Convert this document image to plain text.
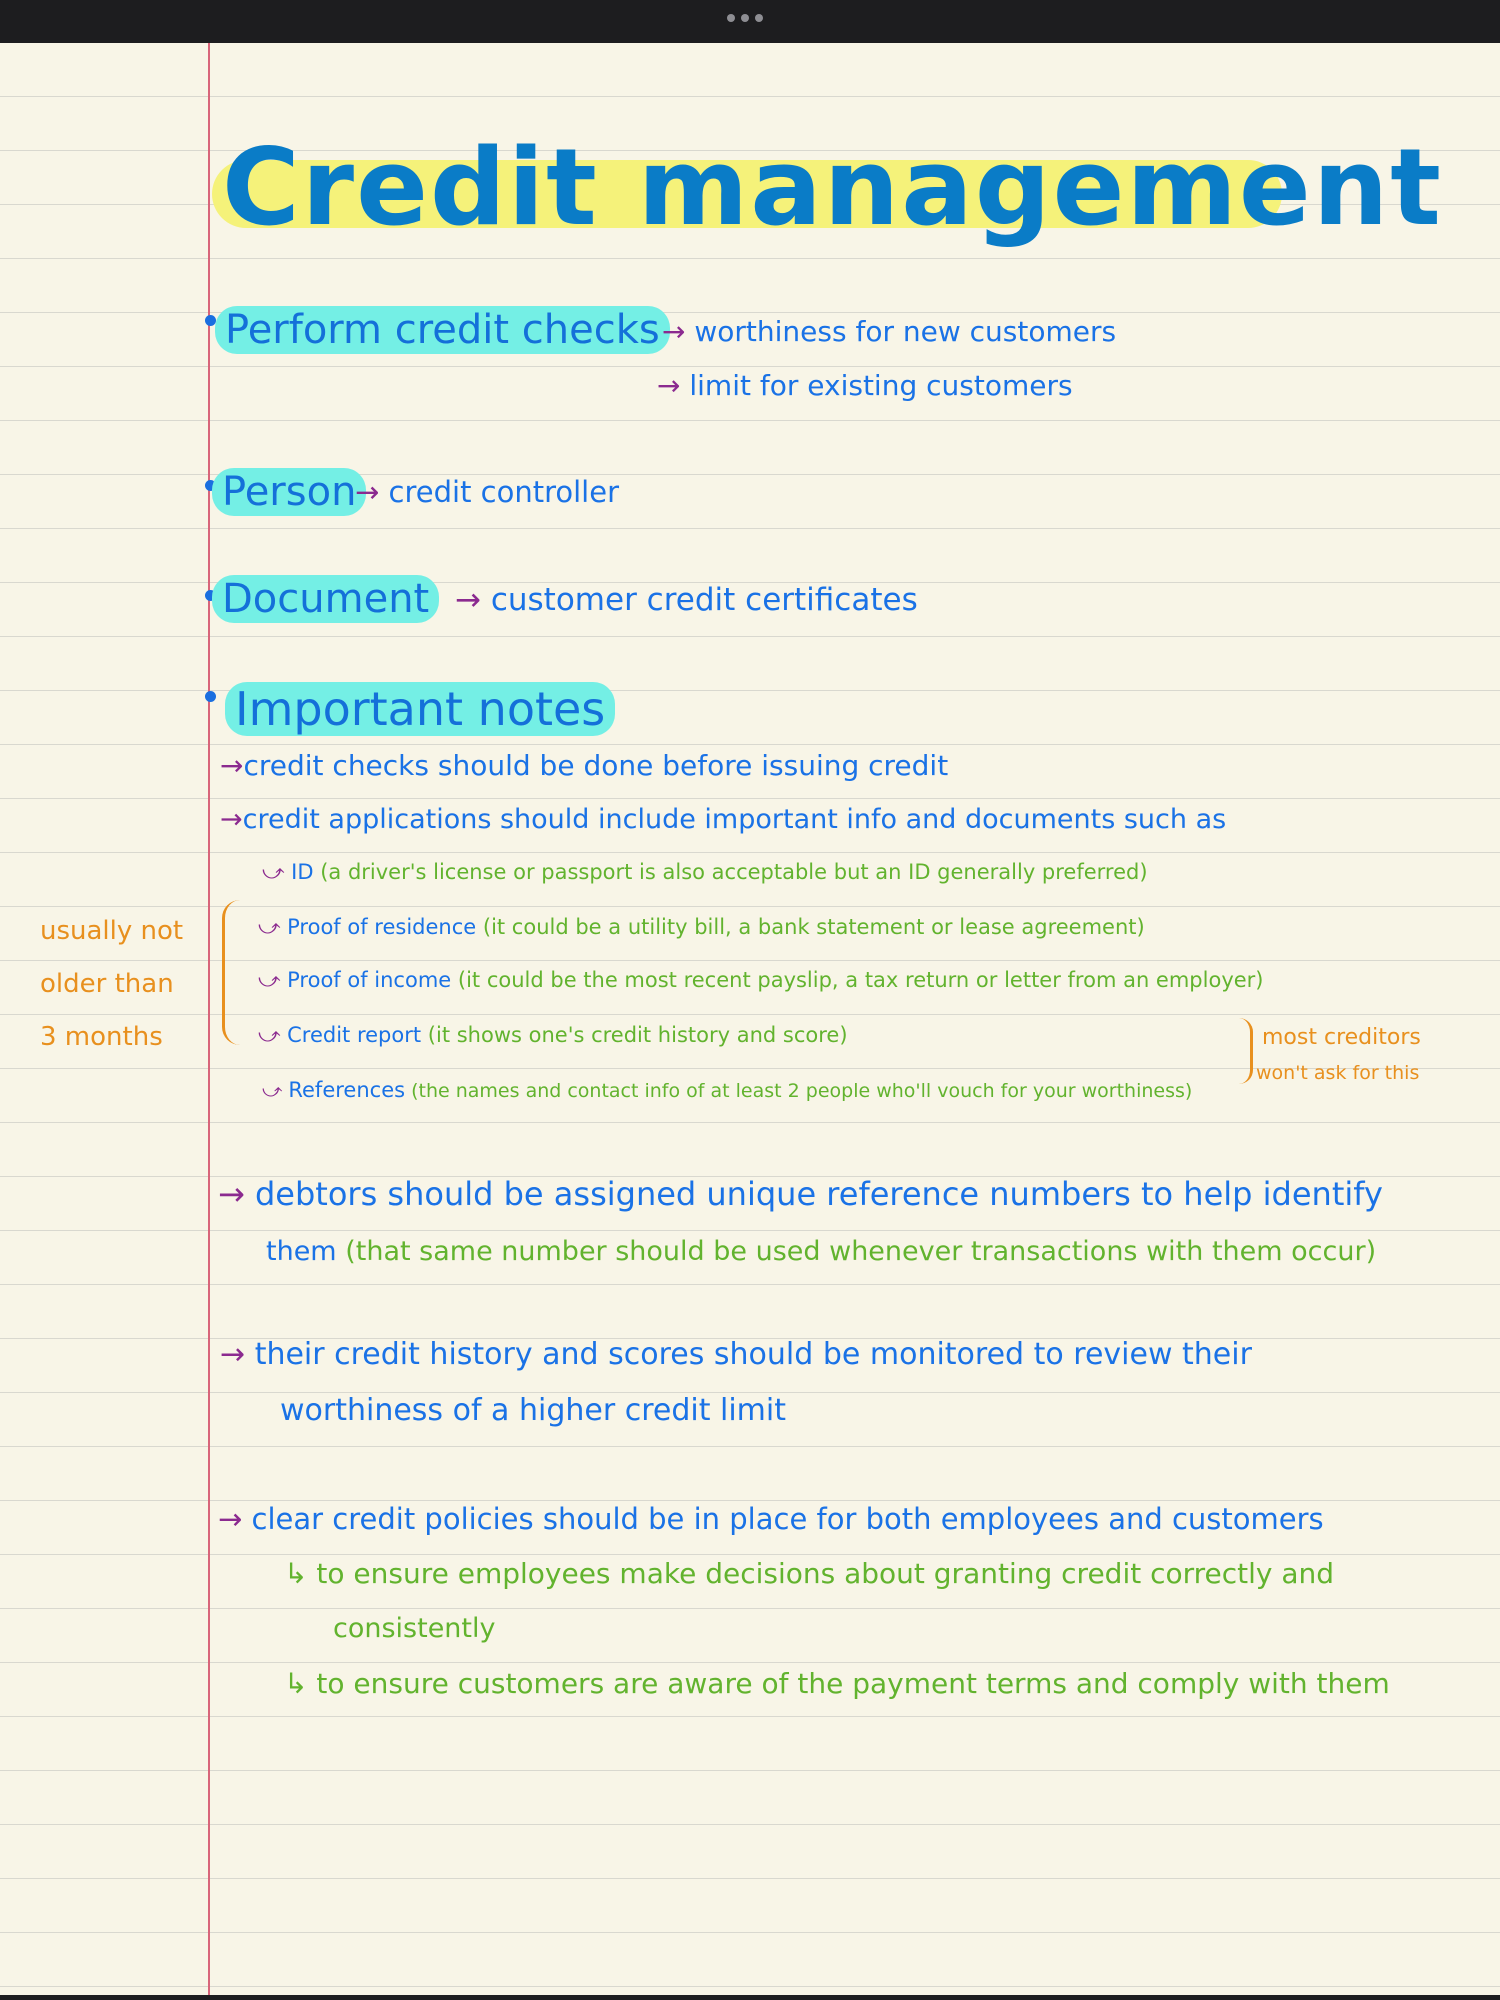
Credit management
Perform credit checks → worthiness for new customers
→ limit for existing customers
Person
→ credit controller
Document → customer credit certificates
Important notes
→credit checks should be done before issuing credit
→credit applications should include important info and documents such as
⤻ ID (a driver's license or passport is also acceptable but an ID generally preferred)
⤻ Proof of residence (it could be a utility bill, a bank statement or lease agreement)
⤻ Proof of income (it could be the most recent payslip, a tax return or letter from an employer)
⤻ Credit report (it shows one's credit history and score)
⤻ References (the names and contact info of at least 2 people who'll vouch for your worthiness)
usually not
older than
3 months	most creditors
won't ask for this
→ debtors should be assigned unique reference numbers to help identify
them (that same number should be used whenever transactions with them occur)
→ their credit history and scores should be monitored to review their
worthiness of a higher credit limit
→ clear credit policies should be in place for both employees and customers
↳ to ensure employees make decisions about granting credit correctly and
consistently
↳ to ensure customers are aware of the payment terms and comply with them
